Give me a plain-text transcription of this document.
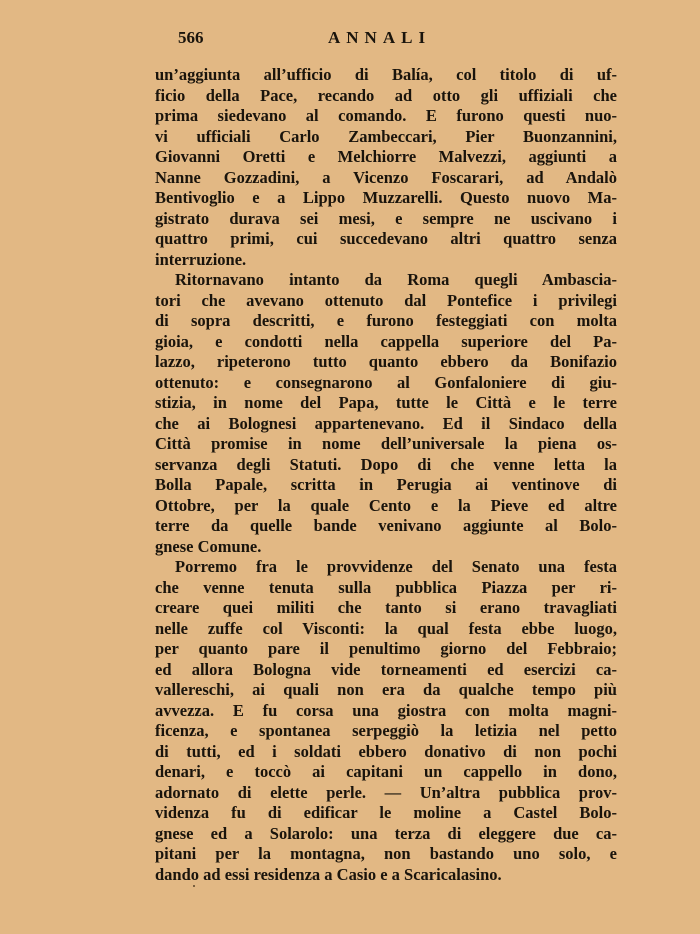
566	ANNALI
un’aggiunta all’ufficio di Balía, col titolo di uf-
ficio della Pace, recando ad otto gli uffiziali che
prima siedevano al comando. E furono questi nuo-
vi ufficiali Carlo Zambeccari, Pier Buonzannini,
Giovanni Oretti e Melchiorre Malvezzi, aggiunti a
Nanne Gozzadini, a Vicenzo Foscarari, ad Andalò
Bentivoglio e a Lippo Muzzarelli. Questo nuovo Ma-
gistrato durava sei mesi, e sempre ne uscivano i
quattro primi, cui succedevano altri quattro senza
interruzione.
Ritornavano intanto da Roma quegli Ambascia-
tori che avevano ottenuto dal Pontefice i privilegi
di sopra descritti, e furono festeggiati con molta
gioia, e condotti nella cappella superiore del Pa-
lazzo, ripeterono tutto quanto ebbero da Bonifazio
ottenuto: e consegnarono al Gonfaloniere di giu-
stizia, in nome del Papa, tutte le Città e le terre
che ai Bolognesi appartenevano. Ed il Sindaco della
Città promise in nome dell’universale la piena os-
servanza degli Statuti. Dopo di che venne letta la
Bolla Papale, scritta in Perugia ai ventinove di
Ottobre, per la quale Cento e la Pieve ed altre
terre da quelle bande venivano aggiunte al Bolo-
gnese Comune.
Porremo fra le provvidenze del Senato una festa
che venne tenuta sulla pubblica Piazza per ri-
creare quei militi che tanto si erano travagliati
nelle zuffe col Visconti: la qual festa ebbe luogo,
per quanto pare il penultimo giorno del Febbraio;
ed allora Bologna vide torneamenti ed esercizi ca-
vallereschi, ai quali non era da qualche tempo più
avvezza. E fu corsa una giostra con molta magni-
ficenza, e spontanea serpeggiò la letizia nel petto
di tutti, ed i soldati ebbero donativo di non pochi
denari, e toccò ai capitani un cappello in dono,
adornato di elette perle. — Un’altra pubblica prov-
videnza fu di edificar le moline a Castel Bolo-
gnese ed a Solarolo: una terza di eleggere due ca-
pitani per la montagna, non bastando uno solo, e
dando ad essi residenza a Casio e a Scaricalasino.
